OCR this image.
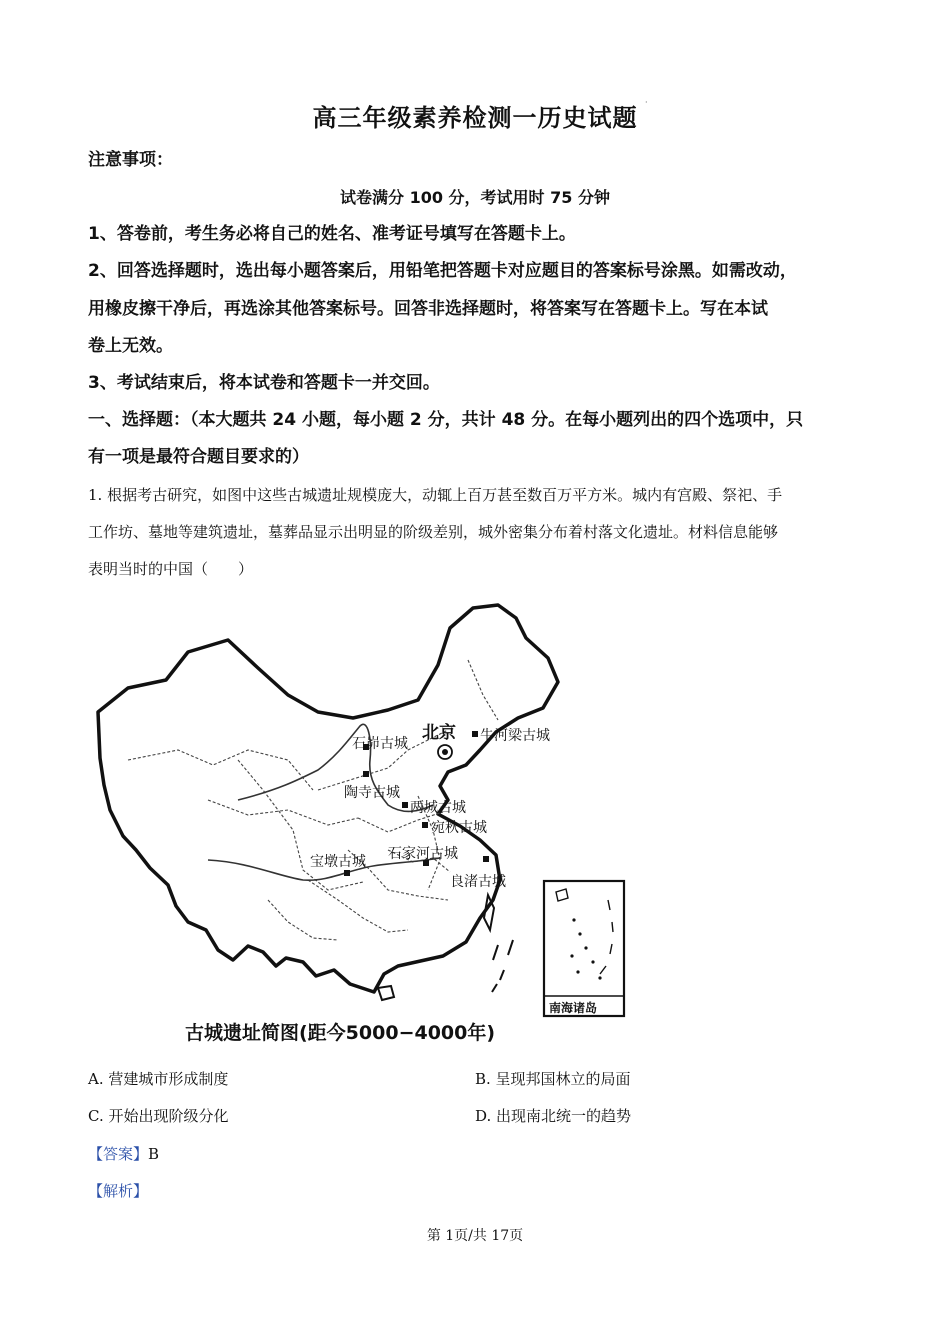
高三年级素养检测一历史试题
·
注意事项：
试卷满分 100 分，考试用时 75 分钟
1、答卷前，考生务必将自己的姓名、准考证号填写在答题卡上。
2、回答选择题时，选出每小题答案后，用铅笔把答题卡对应题目的答案标号涂黑。如需改动，
用橡皮擦干净后，再选涂其他答案标号。回答非选择题时，将答案写在答题卡上。写在本试
卷上无效。
3、考试结束后，将本试卷和答题卡一并交回。
一、选择题：（本大题共 24 小题，每小题 2 分，共计 48 分。在每小题列出的四个选项中，只
有一项是最符合题目要求的）
1. 根据考古研究，如图中这些古城遗址规模庞大，动辄上百万甚至数百万平方米。城内有宫殿、祭祀、手
工作坊、墓地等建筑遗址，墓葬品显示出明显的阶级差别，城外密集分布着村落文化遗址。材料信息能够
表明当时的中国（　　）
北京
石峁古城	牛河梁古城
陶寺古城
两城古城
宛秋古城
宝墩古城 石家河古城
良渚古城
南海诸岛
古城遗址简图(距今5000−4000年)
A. 营建城市形成制度	B. 呈现邦国林立的局面
C. 开始出现阶级分化	D. 出现南北统一的趋势
【答案】B
【解析】
第 1页/共 17页
